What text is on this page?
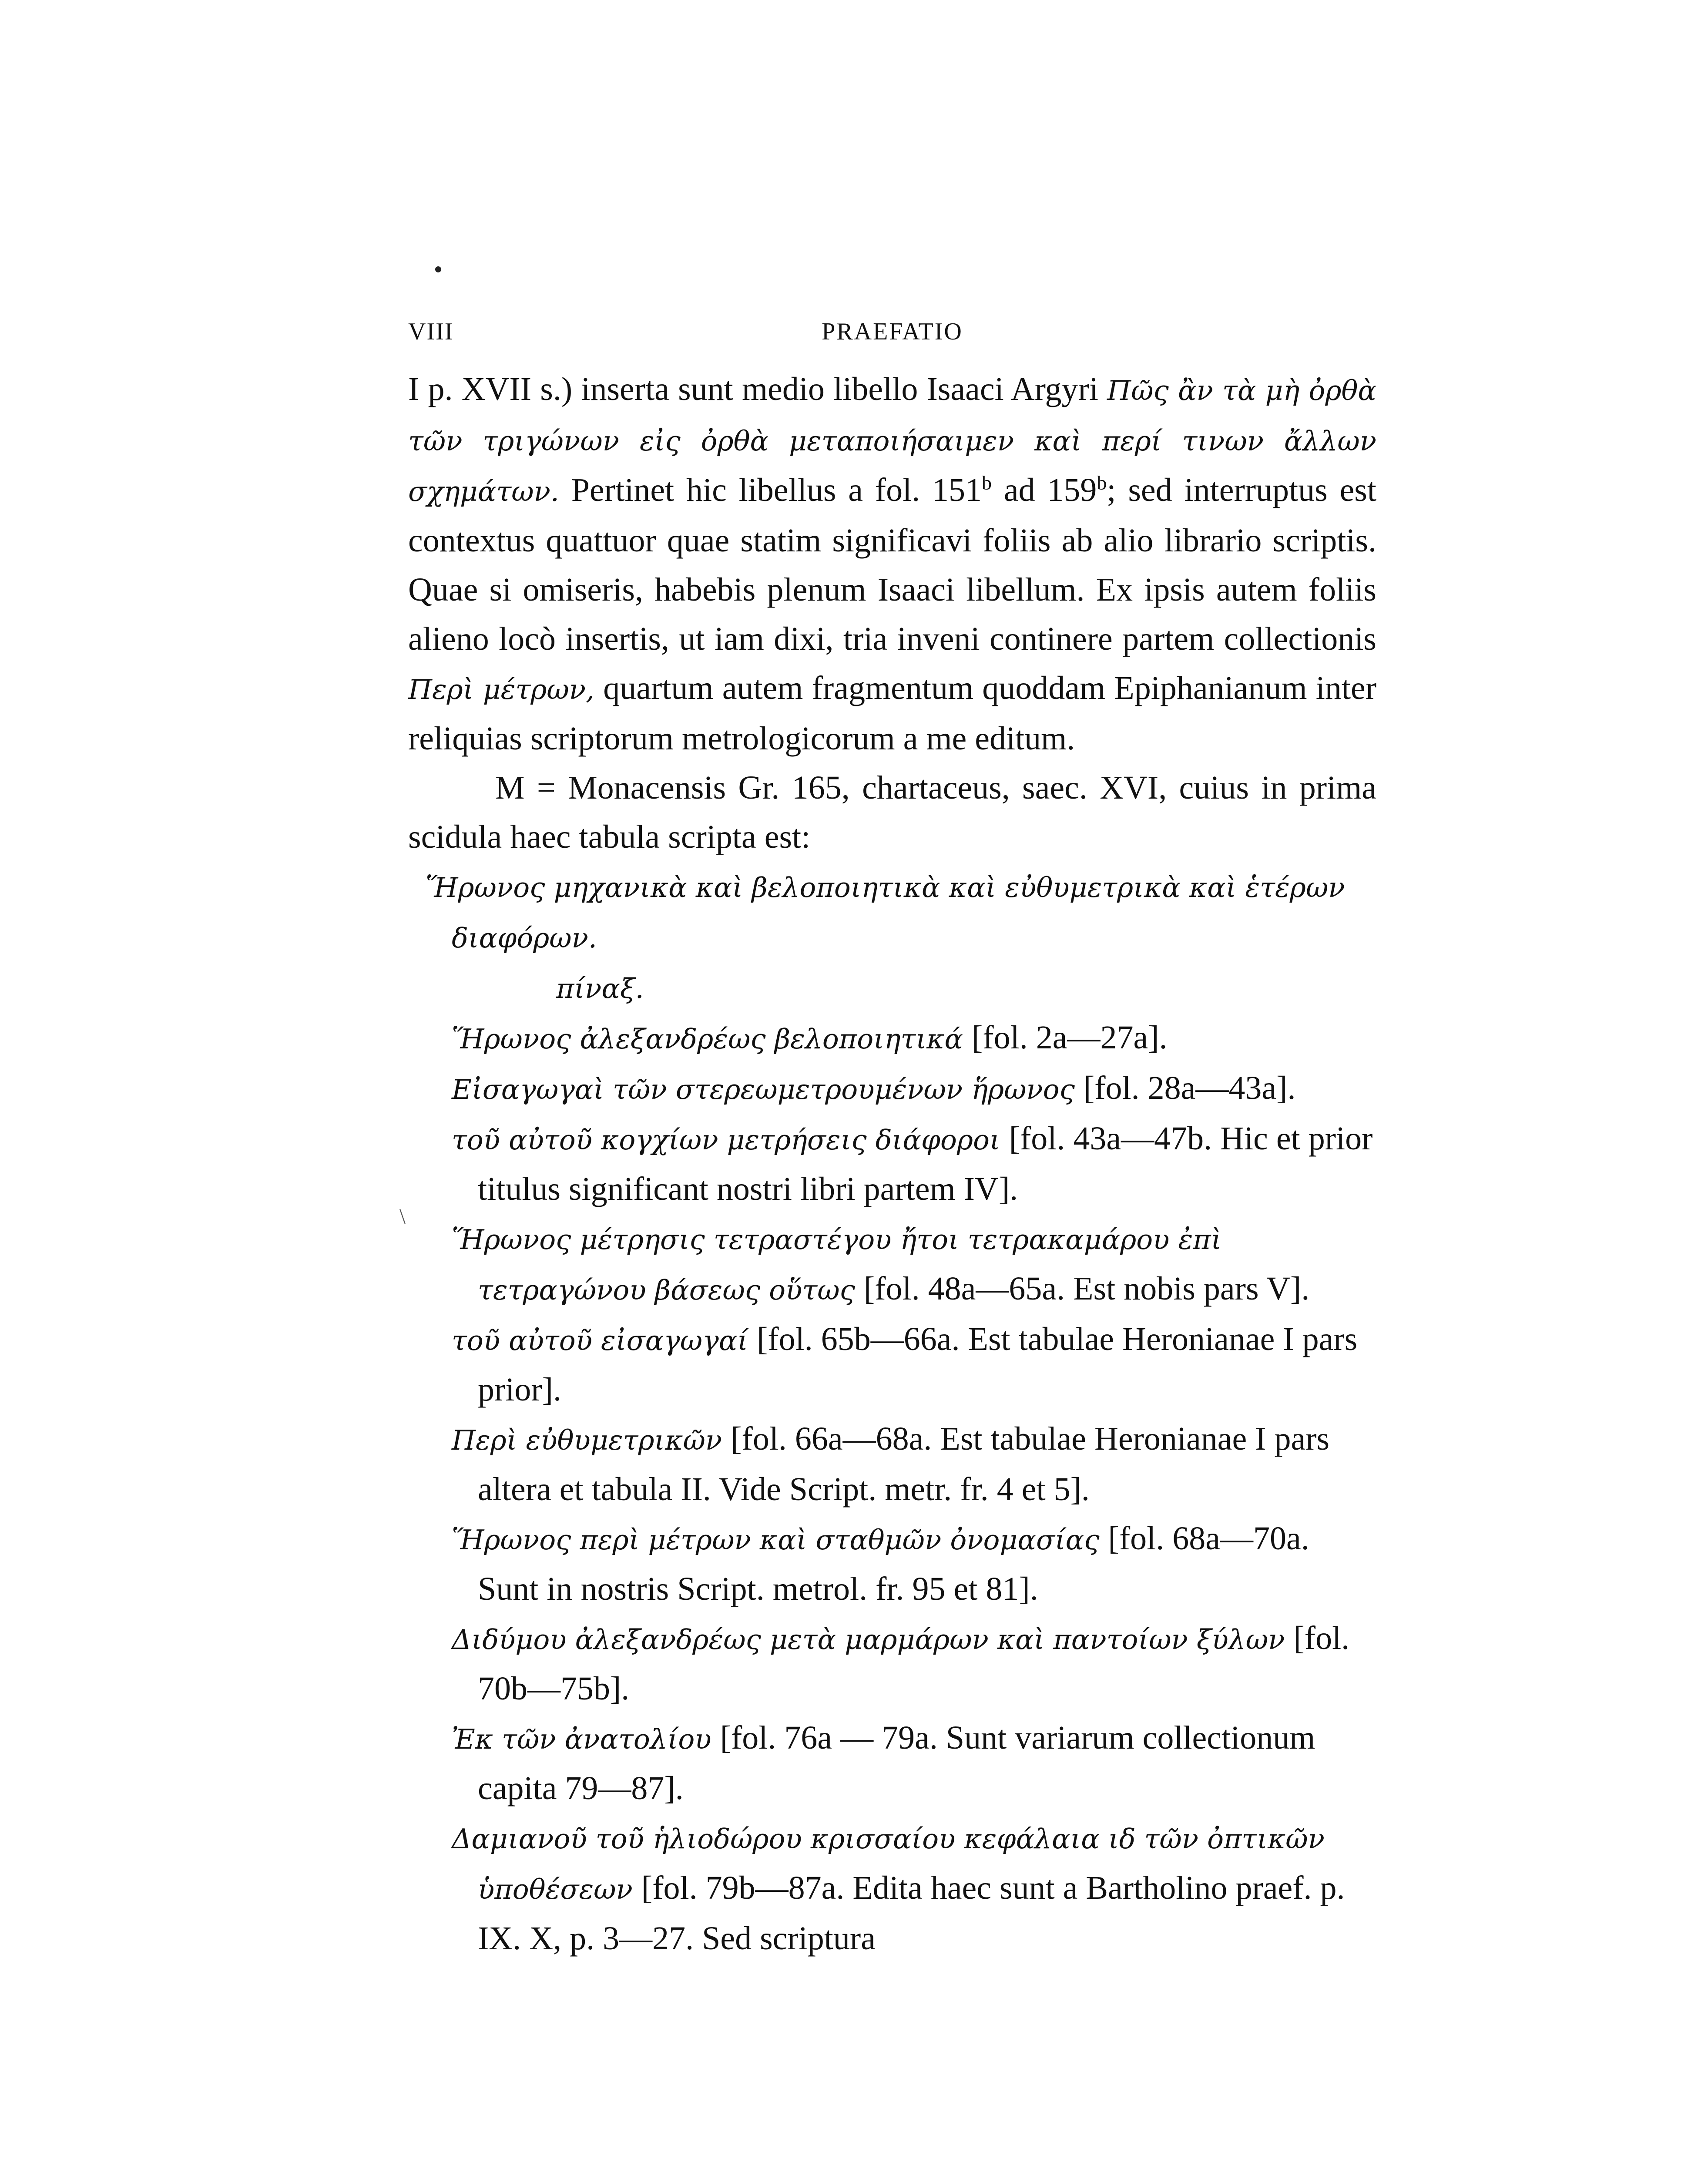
\
VIII	PRAEFATIO

I p. XVII s.) inserta sunt medio libello Isaaci Argyri Πῶς ἂν τὰ μὴ ὀρθὰ τῶν τριγώνων εἰς ὀρθὰ μεταποιήσαιμεν καὶ περί τινων ἄλλων σχημάτων. Pertinet hic libellus a fol. 151$^b$ ad 159$^b$; sed interruptus est contextus quattuor quae statim significavi foliis ab alio librario scriptis. Quae si omiseris, habebis plenum Isaaci libellum. Ex ipsis autem foliis alieno locò insertis, ut iam dixi, tria inveni continere partem collectionis Περὶ μέτρων, quartum autem fragmentum quoddam Epiphanianum inter reliquias scriptorum metrologicorum a me editum.

M = Monacensis Gr. 165, chartaceus, saec. XVI, cuius in prima scidula haec tabula scripta est:

Ἥρωνος μηχανικὰ καὶ βελοποιητικὰ καὶ εὐθυμετρικὰ καὶ ἑτέρων διαφόρων.

πίναξ.

Ἥρωνος ἀλεξανδρέως βελοποιητικά [fol. 2a—27a].

Εἰσαγωγαὶ τῶν στερεωμετρουμένων ἥρωνος [fol. 28a—43a].

τοῦ αὐτοῦ κογχίων μετρήσεις διάφοροι [fol. 43a—47b. Hic et prior titulus significant nostri libri partem IV].

Ἥρωνος μέτρησις τετραστέγου ἤτοι τετρακαμάρου ἐπὶ τετραγώνου βάσεως οὕτως [fol. 48a—65a. Est nobis pars V].

τοῦ αὐτοῦ εἰσαγωγαί [fol. 65b—66a. Est tabulae Heronianae I pars prior].

Περὶ εὐθυμετρικῶν [fol. 66a—68a. Est tabulae Heronianae I pars altera et tabula II. Vide Script. metr. fr. 4 et 5].

Ἥρωνος περὶ μέτρων καὶ σταθμῶν ὀνομασίας [fol. 68a—70a. Sunt in nostris Script. metrol. fr. 95 et 81].

Διδύμου ἀλεξανδρέως μετὰ μαρμάρων καὶ παντοίων ξύλων [fol. 70b—75b].

Ἐκ τῶν ἀνατολίου [fol. 76a — 79a. Sunt variarum collectionum capita 79—87].

Δαμιανοῦ τοῦ ἡλιοδώρου κρισσαίου κεφάλαια ιδ τῶν ὀπτικῶν ὑποθέσεων [fol. 79b—87a. Edita haec sunt a Bartholino praef. p. IX. X, p. 3—27. Sed scriptura
